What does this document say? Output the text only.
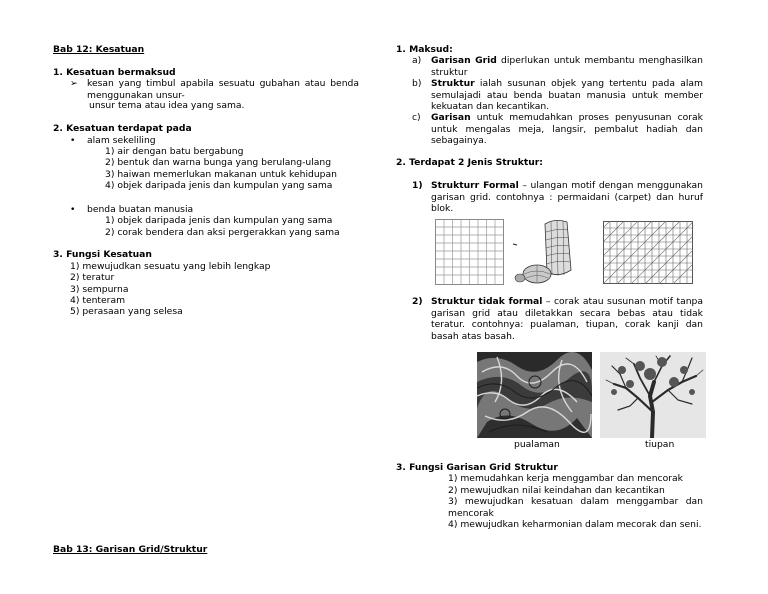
Bab 12: Kesatuan
1. Kesatuan bermaksud
➢ kesan yang timbul apabila sesuatu gubahan atau benda menggunakan unsur-
unsur tema atau idea yang sama.
2. Kesatuan terdapat pada
• alam sekeliling
1) air dengan batu bergabung
2) bentuk dan warna bunga yang berulang-ulang
3) haiwan memerlukan makanan untuk kehidupan
4) objek daripada jenis dan kumpulan yang sama
• benda buatan manusia
1) objek daripada jenis dan kumpulan yang sama
2) corak bendera dan aksi pergerakkan yang sama
3. Fungsi Kesatuan
1) mewujudkan sesuatu yang lebih lengkap
2) teratur
3) sempurna
4) tenteram
5) perasaan yang selesa
Bab 13: Garisan Grid/Struktur
1. Maksud:
a) Garisan Grid diperlukan untuk membantu menghasilkan struktur
b) Struktur ialah susunan objek yang tertentu pada alam semulajadi atau benda buatan manusia untuk member kekuatan dan kecantikan.
c) Garisan untuk memudahkan proses penyusunan corak untuk mengalas meja, langsir, pembalut hadiah dan sebagainya.
2. Terdapat 2 Jenis Struktur:
1) Strukturr Formal – ulangan motif dengan menggunakan garisan grid. contohnya : permaidani (carpet) dan huruf blok.
2) Struktur tidak formal – corak atau susunan motif tanpa garisan grid atau diletakkan secara bebas atau tidak teratur. contohnya: pualaman, tiupan, corak kanji dan basah atas basah.
pualaman	tiupan
3. Fungsi Garisan Grid Struktur
1) memudahkan kerja menggambar dan mencorak
2) mewujudkan nilai keindahan dan kecantikan
3) mewujudkan kesatuan dalam menggambar dan mencorak
4) mewujudkan keharmonian dalam mecorak dan seni.
